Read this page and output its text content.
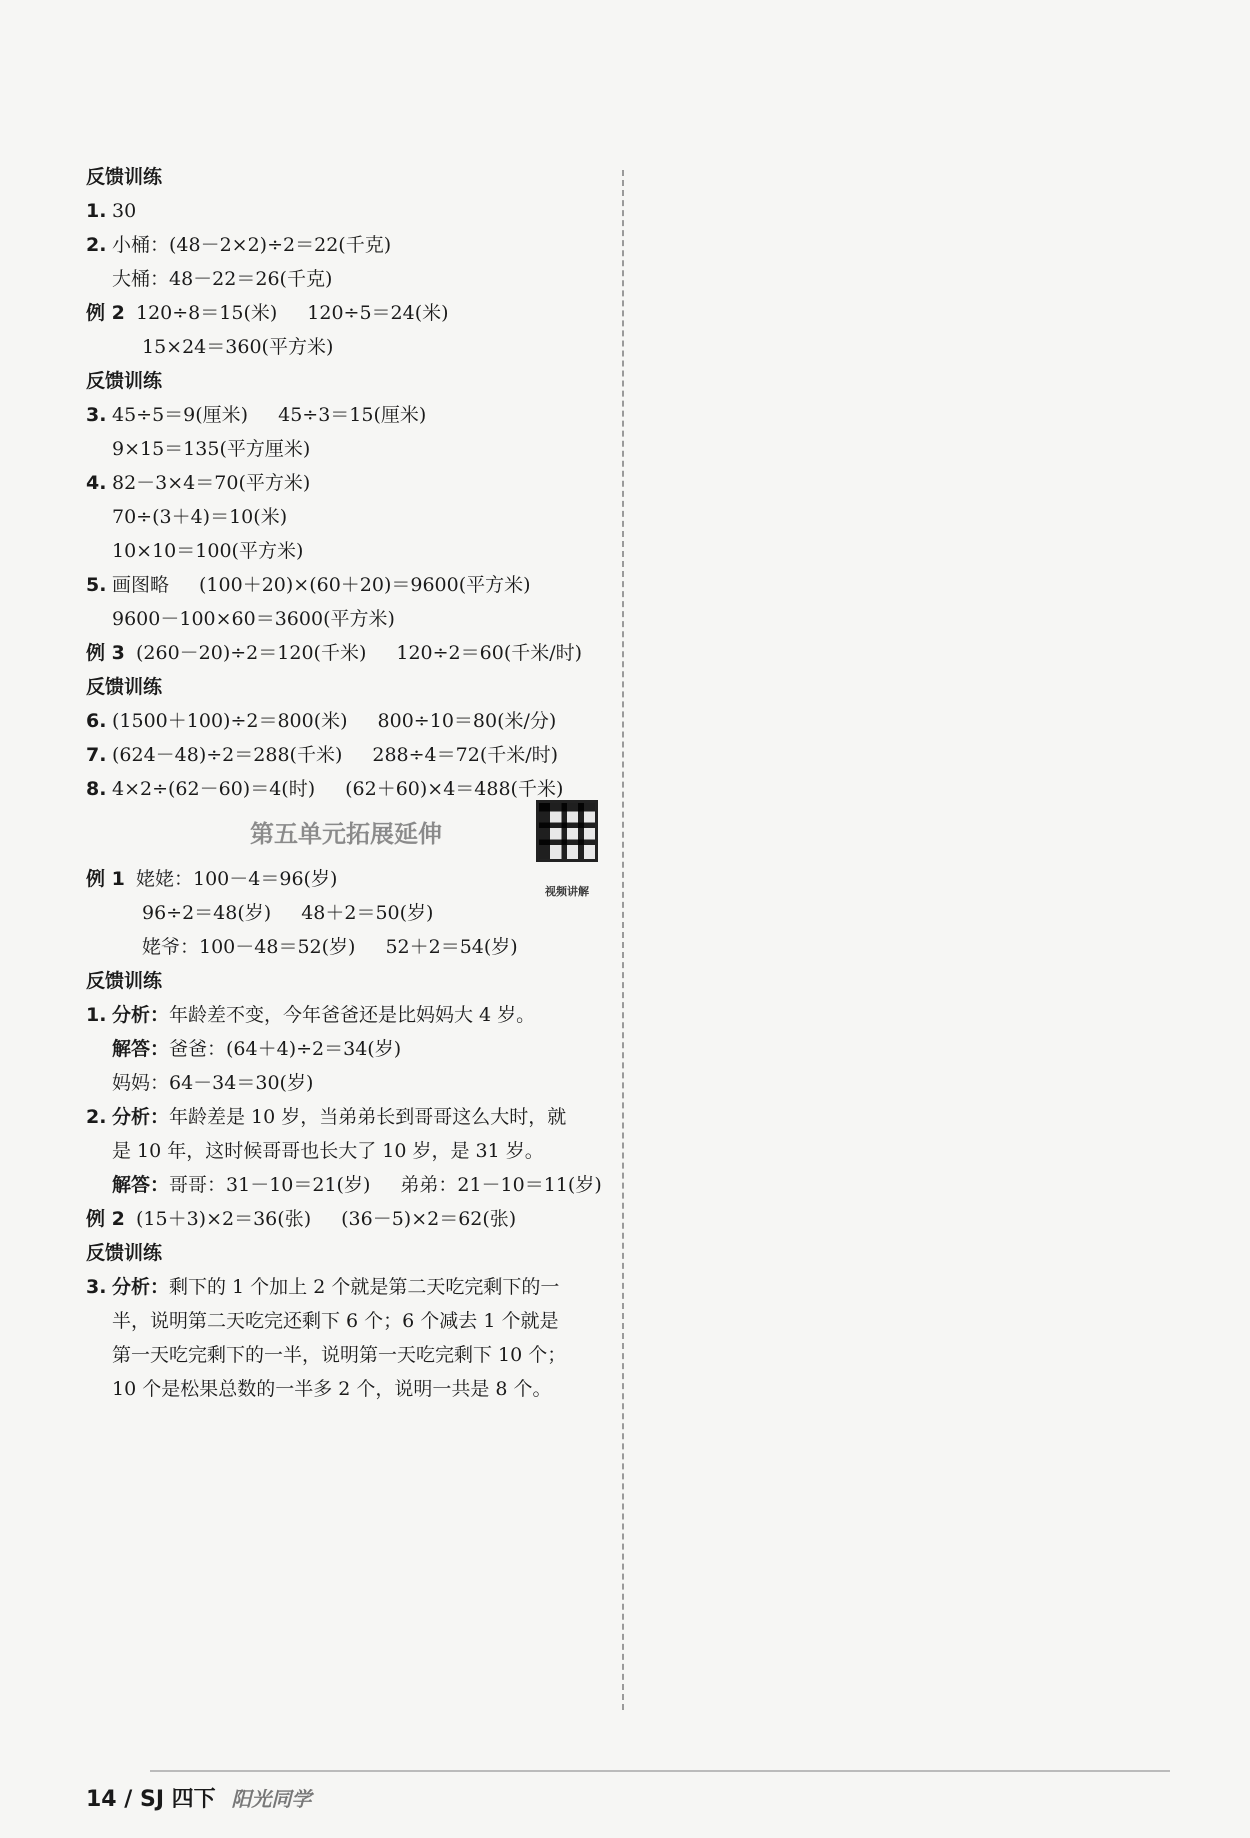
反馈训练
1. 30
2. 小桶：(48－2×2)÷2＝22(千克)
大桶：48－22＝26(千克)
例 2 120÷8＝15(米) 120÷5＝24(米)
15×24＝360(平方米)
反馈训练
3. 45÷5＝9(厘米) 45÷3＝15(厘米)
9×15＝135(平方厘米)
4. 82－3×4＝70(平方米)
70÷(3＋4)＝10(米)
10×10＝100(平方米)
5. 画图略 (100＋20)×(60＋20)＝9600(平方米)
9600－100×60＝3600(平方米)
例 3 (260－20)÷2＝120(千米) 120÷2＝60(千米/时)
反馈训练
6. (1500＋100)÷2＝800(米) 800÷10＝80(米/分)
7. (624－48)÷2＝288(千米) 288÷4＝72(千米/时)
8. 4×2÷(62－60)＝4(时) (62＋60)×4＝488(千米)
第五单元拓展延伸
视频讲解
例 1 姥姥：100－4＝96(岁)
96÷2＝48(岁) 48＋2＝50(岁)
姥爷：100－48＝52(岁) 52＋2＝54(岁)
反馈训练
1. 分析：年龄差不变，今年爸爸还是比妈妈大 4 岁。
解答：爸爸：(64＋4)÷2＝34(岁)
妈妈：64－34＝30(岁)
2. 分析：年龄差是 10 岁，当弟弟长到哥哥这么大时，就
是 10 年，这时候哥哥也长大了 10 岁，是 31 岁。
解答：哥哥：31－10＝21(岁) 弟弟：21－10＝11(岁)
例 2 (15＋3)×2＝36(张) (36－5)×2＝62(张)
反馈训练
3. 分析：剩下的 1 个加上 2 个就是第二天吃完剩下的一
半，说明第二天吃完还剩下 6 个；6 个减去 1 个就是
第一天吃完剩下的一半，说明第一天吃完剩下 10 个；
10 个是松果总数的一半多 2 个，说明一共是 8 个。
14 / SJ 四下 阳光同学
